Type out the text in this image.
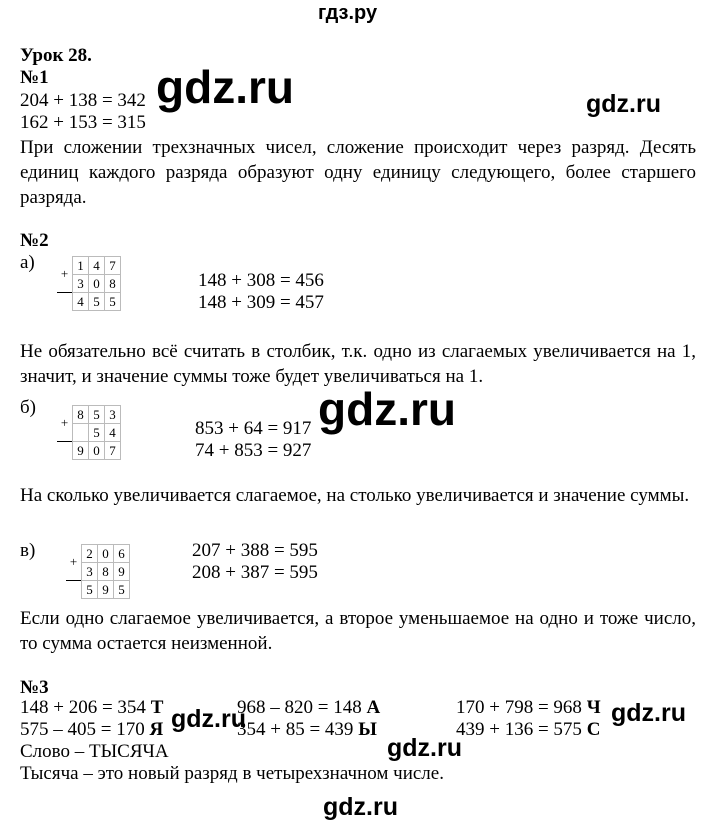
гдз.ру
Урок 28.
№1
204 + 138 = 342
162 + 153 = 315
При сложении трехзначных чисел, сложение происходит через разряд. Десять единиц каждого разряда образуют одну единицу следующего, более старшего разряда.
gdz.ru	gdz.ru
№2
а)
+	1	4	7
	3	0	8
	4	5	5
148 + 308 = 456
148 + 309 = 457
Не обязательно всё считать в столбик, т.к. одно из слагаемых увеличивается на 1, значит, и значение суммы тоже будет увеличиваться на 1.
б)
+	8	5	3
		5	4
	9	0	7
853 + 64 = 917
74 + 853 = 927
gdz.ru
На сколько увеличивается слагаемое, на столько увеличивается и значение суммы.
в)
+	2	0	6
	3	8	9
	5	9	5
207 + 388 = 595
208 + 387 = 595
Если одно слагаемое увеличивается, а второе уменьшаемое на одно и тоже число, то сумма остается неизменной.
№3
148 + 206 = 354 Т	968 – 820 = 148 А	170 + 798 = 968 Ч
575 – 405 = 170 Я	354 + 85 = 439 Ы	439 + 136 = 575 С
Слово – ТЫСЯЧА
Тысяча – это новый разряд в четырехзначном числе.
gdz.ru	gdz.ru
gdz.ru
gdz.ru
